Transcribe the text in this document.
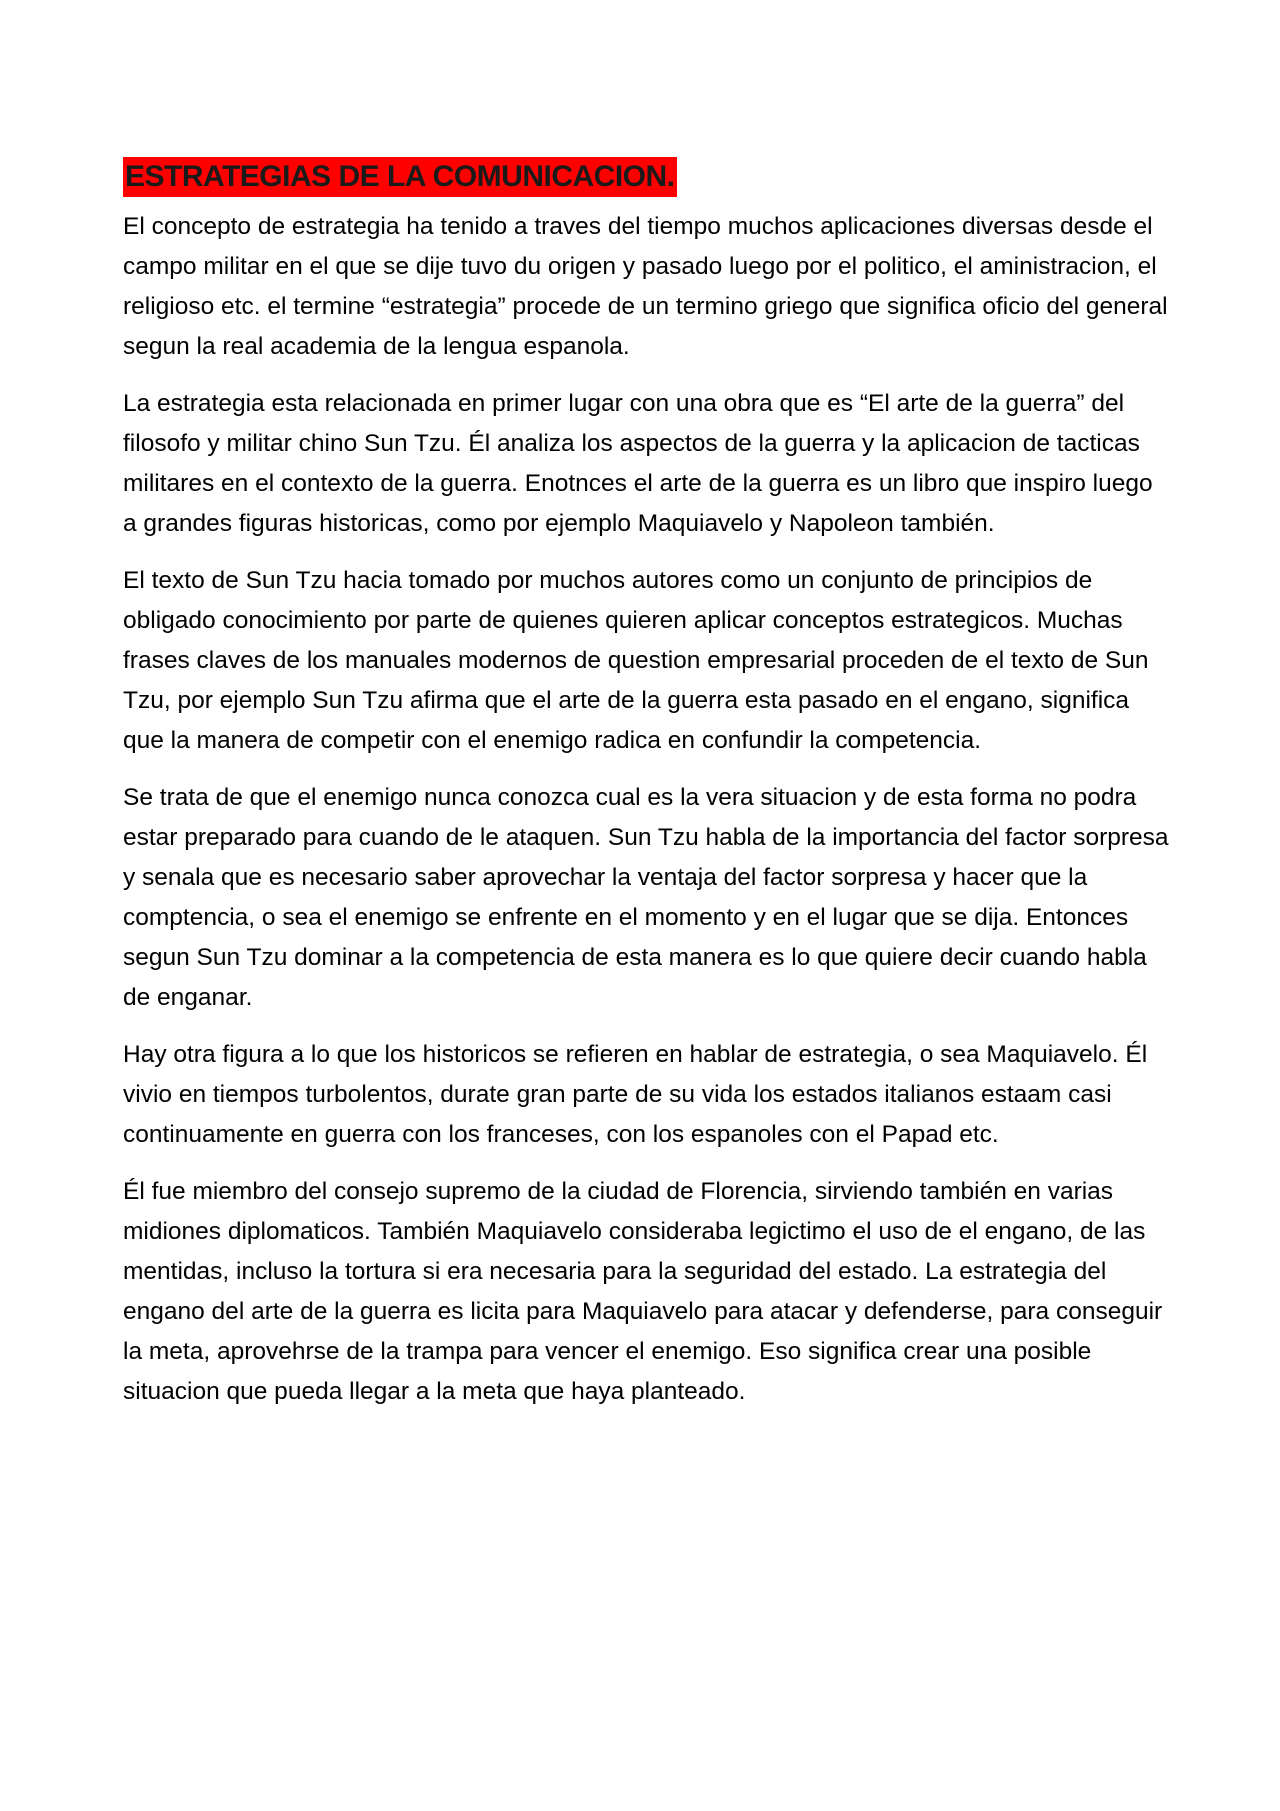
ESTRATEGIAS DE LA COMUNICACION.

El concepto de estrategia ha tenido a traves del tiempo muchos aplicaciones diversas desde el campo militar en el que se dije tuvo du origen y pasado luego por el politico, el aministracion, el religioso etc. el termine “estrategia” procede de un termino griego que significa oficio del general segun la real academia de la lengua espanola.

La estrategia esta relacionada en primer lugar con una obra que es “El arte de la guerra” del filosofo y militar chino Sun Tzu. Él analiza los aspectos de la guerra y la aplicacion de tacticas militares en el contexto de la guerra. Enotnces el arte de la guerra es un libro que inspiro luego a grandes figuras historicas, como por ejemplo Maquiavelo y Napoleon también.

El texto de Sun Tzu hacia tomado por muchos autores como un conjunto de principios de obligado conocimiento por parte de quienes quieren aplicar conceptos estrategicos. Muchas frases claves de los manuales modernos de question empresarial proceden de el texto de Sun Tzu, por ejemplo Sun Tzu afirma que el arte de la guerra esta pasado en el engano, significa que la manera de competir con el enemigo radica en confundir la competencia.

Se trata de que el enemigo nunca conozca cual es la vera situacion y de esta forma no podra estar preparado para cuando de le ataquen. Sun Tzu habla de la importancia del factor sorpresa y senala que es necesario saber aprovechar la ventaja del factor sorpresa y hacer que la comptencia, o sea el enemigo se enfrente en el momento y en el lugar que se dija. Entonces segun Sun Tzu dominar a la competencia de esta manera es lo que quiere decir cuando habla de enganar.

Hay otra figura a lo que los historicos se refieren en hablar de estrategia, o sea Maquiavelo. Él vivio en tiempos turbolentos, durate gran parte de su vida los estados italianos estaam casi continuamente en guerra con los franceses, con los espanoles con el Papad etc.

Él fue miembro del consejo supremo de la ciudad de Florencia, sirviendo también en varias midiones diplomaticos. También Maquiavelo consideraba legictimo el uso de el engano, de las mentidas, incluso la tortura si era necesaria para la seguridad del estado. La estrategia del engano del arte de la guerra es licita para Maquiavelo para atacar y defenderse, para conseguir la meta, aprovehrse de la trampa para vencer el enemigo. Eso significa crear una posible situacion que pueda llegar a la meta que haya planteado.
